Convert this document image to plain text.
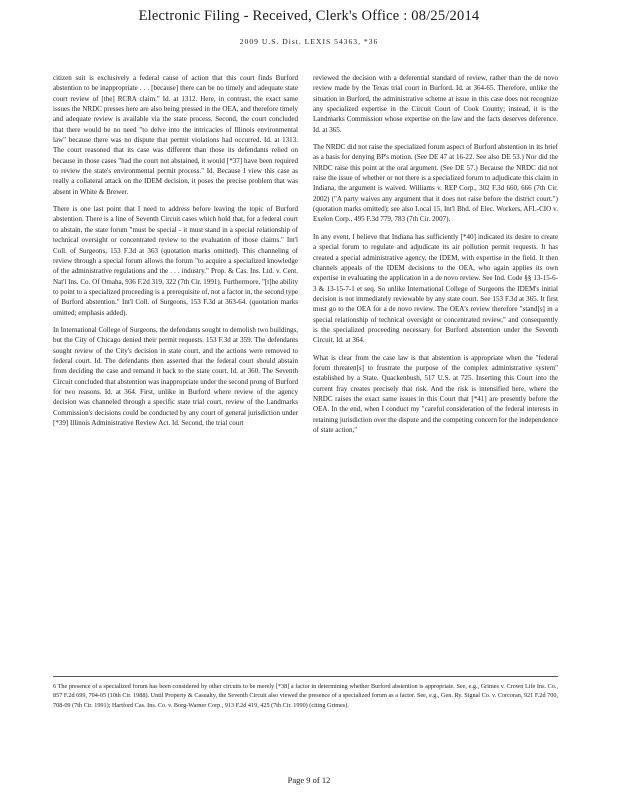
Electronic Filing - Received, Clerk's Office : 08/25/2014
2009 U.S. Dist. LEXIS 54363, *36

citizen suit is exclusively a federal cause of action that this court finds Burford abstention to be inappropriate . . . [because] there can be no timely and adequate state court review of [the] RCRA claim." Id. at 1312. Here, in contrast, the exact same issues the NRDC presses here are also being pressed in the OEA, and therefore timely and adequate review is available via the state process. Second, the court concluded that there would be no need "to delve into the intricacies of Illinois environmental law" because there was no dispute that permit violations had occurred. Id. at 1313. The court reasoned that its case was different than those its defendants relied on because in those cases "had the court not abstained, it would [*37] have been required to review the state's environmental permit process." Id. Because I view this case as really a collateral attack on the IDEM decision, it poses the precise problem that was absent in White & Brewer.

There is one last point that I need to address before leaving the topic of Burford abstention. There is a line of Seventh Circuit cases which hold that, for a federal court to abstain, the state forum "must be special - it must stand in a special relationship of technical oversight or concentrated review to the evaluation of those claims." Int'l Coll. of Surgeons, 153 F.3d at 363 (quotation marks omitted). This channeling of review through a special forum allows the forum "to acquire a specialized knowledge of the administrative regulations and the . . . industry." Prop. & Cas. Ins. Ltd. v. Cent. Nat'l Ins. Co. Of Omaha, 936 F.2d 319, 322 (7th Cir. 1991). Furthermore, "[t]he ability to point to a specialized proceeding is a prerequisite of, not a factor in, the second type of Burford abstention." Int'l Coll. of Surgeons, 153 F.3d at 363-64. (quotation marks omitted; emphasis added).

In International College of Surgeons, the defendants sought to demolish two buildings, but the City of Chicago denied their permit requests. 153 F.3d at 359. The defendants sought review of the City's decision in state court, and the actions were removed to federal court. Id. The defendants then asserted that the federal court should abstain from deciding the case and remand it back to the state court. Id. at 360. The Seventh Circuit concluded that abstention was inappropriate under the second prong of Burford for two reasons. Id. at 364. First, unlike in Burford where review of the agency decision was channeled through a specific state trial court, review of the Landmarks Commission's decisions could be conducted by any court of general jurisdiction under [*39] Illinois Administrative Review Act. Id. Second, the trial court

reviewed the decision with a deferential standard of review, rather than the de novo review made by the Texas trial court in Burford. Id. at 364-65. Therefore, unlike the situation in Burford, the administrative scheme at issue in this case does not recognize any specialized expertise in the Circuit Court of Cook County; instead, it is the Landmarks Commission whose expertise on the law and the facts deserves deference. Id. at 365.

The NRDC did not raise the specialized forum aspect of Burford abstention in its brief as a basis for denying BP's motion. (See DE 47 at 16-22. See also DE 53.) Nor did the NRDC raise this point at the oral argument. (See DE 57.) Because the NRDC did not raise the issue of whether or not there is a specialized forum to adjudicate this claim in Indiana, the argument is waived. Williams v. REP Corp., 302 F.3d 660, 666 (7th Cir. 2002) ("A party waives any argument that it does not raise before the district court.") (quotation marks omitted); see also Local 15, Int'l Bhd. of Elec. Workers, AFL-CIO v. Exelon Corp., 495 F.3d 779, 783 (7th Cir. 2007).

In any event, I believe that Indiana has sufficiently [*40] indicated its desire to create a special forum to regulate and adjudicate its air pollution permit requests. It has created a special administrative agency, the IDEM, with expertise in the field. It then channels appeals of the IDEM decisions to the OEA, who again applies its own expertise in evaluating the application in a de novo review. See Ind. Code §§ 13-15-6-3 & 13-15-7-1 et seq. So unlike International College of Surgeons the IDEM's initial decision is not immediately reviewable by any state court. See 153 F.3d at 365. It first must go to the OEA for a de novo review. The OEA's review therefore "stand[s] in a special relationship of technical oversight or concentrated review," and consequently is the specialized proceeding necessary for Burford abstention under the Seventh Circuit. Id. at 364.

What is clear from the case law is that abstention is appropriate when the "federal forum threaten[s] to frustrate the purpose of the complex administrative system" established by a State. Quackenbush, 517 U.S. at 725. Inserting this Court into the current fray creates precisely that risk. And the risk is intensified here, where the NRDC raises the exact same issues in this Court that [*41] are presently before the OEA. In the end, when I conduct my "careful consideration of the federal interests in retaining jurisdiction over the dispute and the competing concern for the independence of state action,"

6 The presence of a specialized forum has been considered by other circuits to be merely [*38] a factor in determining whether Burford abstention is appropriate. See, e.g., Grimes v. Crown Life Ins. Co., 857 F.2d 699, 704-05 (10th Cir. 1988). Until Property & Casualty, the Seventh Circuit also viewed the presence of a specialized forum as a factor. See, e.g., Gen. Ry. Signal Co. v. Corcoran, 921 F.2d 700, 708-09 (7th Cir. 1991); Hartford Cas. Ins. Co. v. Borg-Warner Corp., 913 F.2d 419, 425 (7th Cir. 1990) (citing Grimes).
Page 9 of 12
